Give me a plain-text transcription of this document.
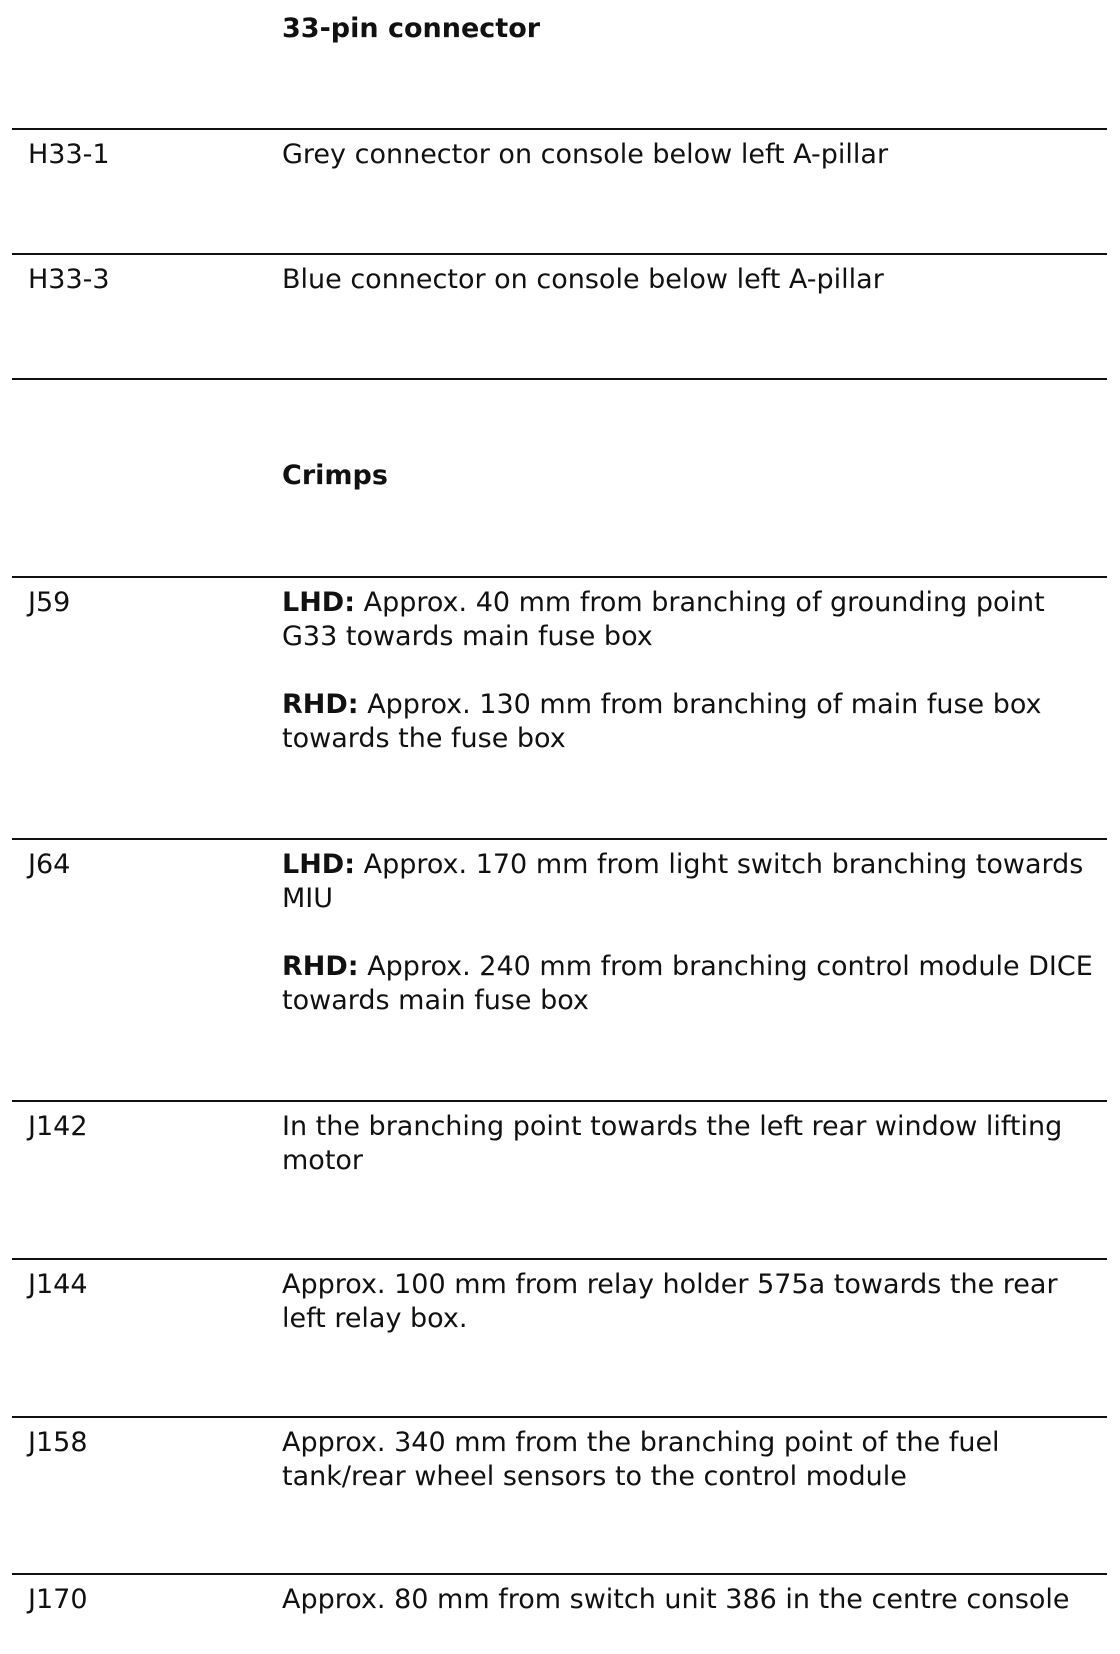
33-pin connector
H33-1	Grey connector on console below left A-pillar

H33-3	Blue connector on console below left A-pillar

Crimps
J59	LHD: Approx. 40 mm from branching of grounding point G33 towards main fuse box

RHD: Approx. 130 mm from branching of main fuse box towards the fuse box

J64	LHD: Approx. 170 mm from light switch branching towards MIU

RHD: Approx. 240 mm from branching control module DICE towards main fuse box

J142	In the branching point towards the left rear window lifting motor

J144	Approx. 100 mm from relay holder 575a towards the rear left relay box.

J158	Approx. 340 mm from the branching point of the fuel tank/rear wheel sensors to the control module

J170	Approx. 80 mm from switch unit 386 in the centre console
